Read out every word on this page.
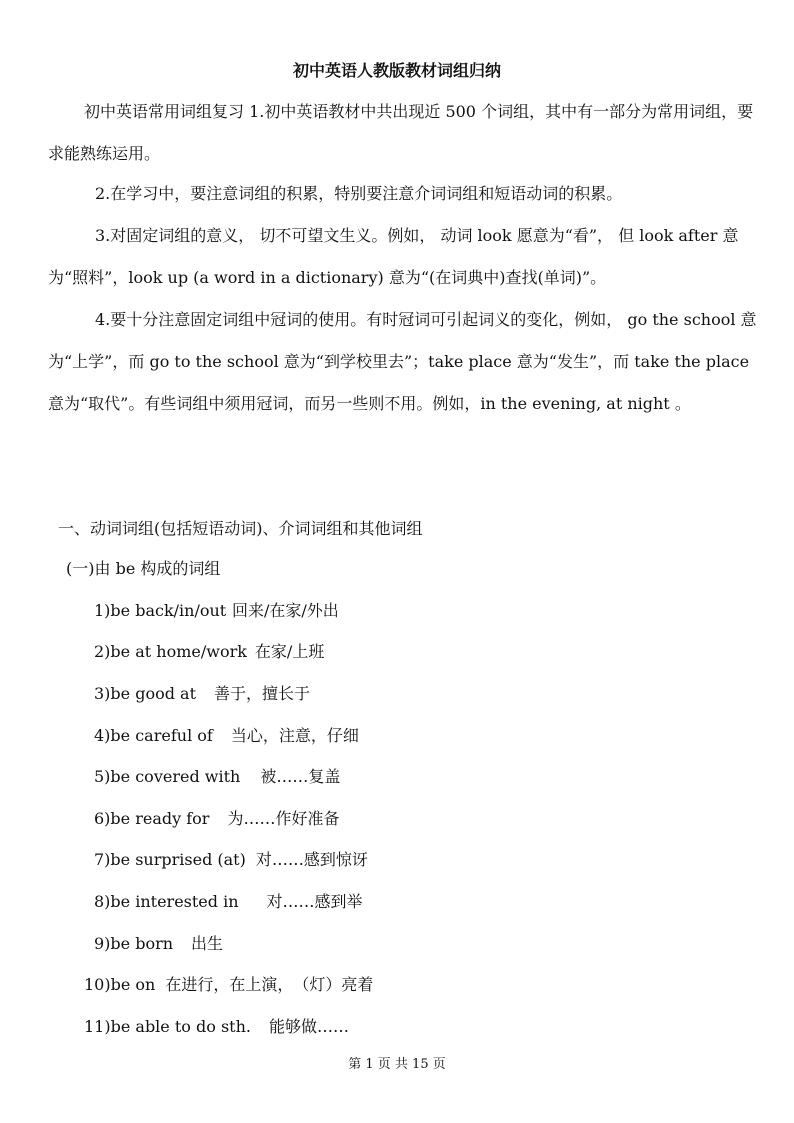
初中英语人教版教材词组归纳

初中英语常用词组复习 1.初中英语教材中共出现近 500 个词组，其中有一部分为常用词组，要求能熟练运用。

2.在学习中，要注意词组的积累，特别要注意介词词组和短语动词的积累。

3.对固定词组的意义， 切不可望文生义。例如， 动词 look 愿意为“看”， 但 look after 意为“照料”，look up (a word in a dictionary) 意为“(在词典中)查找(单词)”。

4.要十分注意固定词组中冠词的使用。有时冠词可引起词义的变化，例如， go the school 意为“上学”，而 go to the school 意为“到学校里去”；take place 意为“发生”，而 take the place 意为“取代”。有些词组中须用冠词，而另一些则不用。例如，in the evening, at night 。

一、动词词组(包括短语动词)、介词词组和其他词组
(一)由 be 构成的词组
1)be back/in/out 回来/在家/外出
2)be at home/work 在家/上班
3)be good at 善于，擅长于
4)be careful of 当心，注意，仔细
5)be covered with 被……复盖
6)be ready for 为……作好准备
7)be surprised (at) 对……感到惊讶
8)be interested in 对……感到举
9)be born 出生
10)be on 在进行，在上演，　（灯）亮着
11)be able to do sth. 能够做……
第 1 页 共 15 页
